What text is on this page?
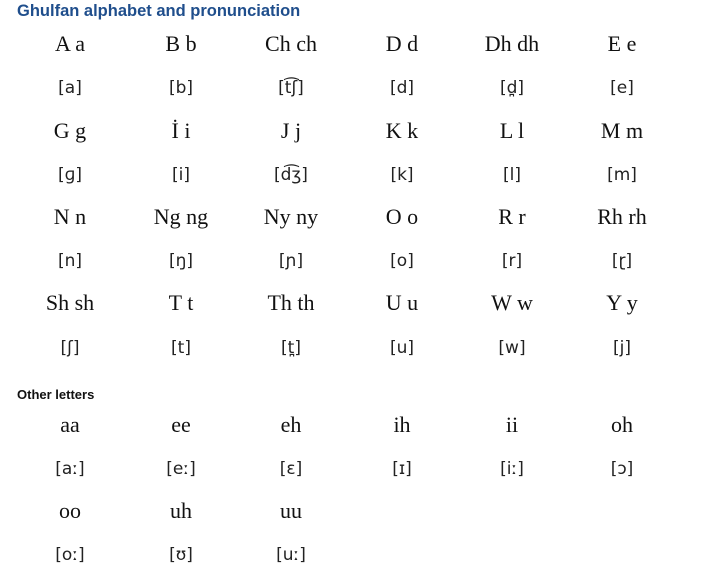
Ghulfan alphabet and pronunciation
A a	B b	Ch ch	D d	Dh dh	E e
[a]	[b]	[t͡ʃ]	[d]	[d̪]	[e]
G g	İ i	J j	K k	L l	M m
[ɡ]	[i]	[d͡ʒ]	[k]	[l]	[m]
N n	Ng ng	Ny ny	O o	R r	Rh rh
[n]	[ŋ]	[ɲ]	[o]	[r]	[ɽ]
Sh sh	T t	Th th	U u	W w	Y y
[ʃ]	[t]	[t̪]	[u]	[w]	[j]
Other letters
aa	ee	eh	ih	ii	oh
[aː]	[eː]	[ɛ]	[ɪ]	[iː]	[ɔ]
oo	uh	uu
[oː]	[ʊ]	[uː]
